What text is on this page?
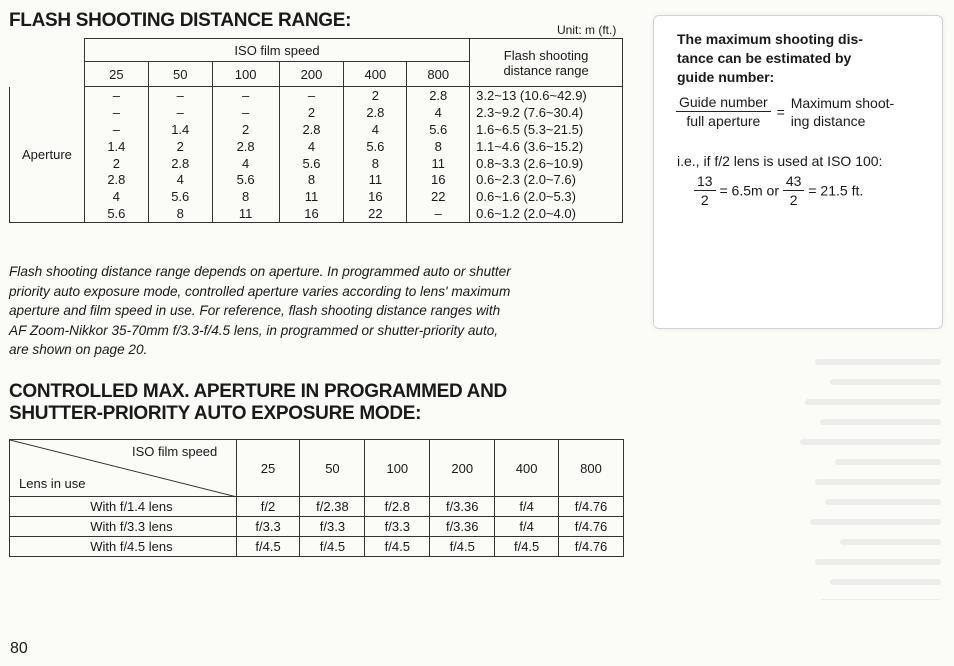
FLASH SHOOTING DISTANCE RANGE:	Unit: m (ft.)
	ISO film speed						Flash shooting
distance range
	25	50	100	200	400	800	
Aperture	–	–	–	–	2	2.8	3.2~13 (10.6~42.9)
	–	–	–	2	2.8	4	2.3~9.2 (7.6~30.4)
	–	1.4	2	2.8	4	5.6	1.6~6.5 (5.3~21.5)
	1.4	2	2.8	4	5.6	8	1.1~4.6 (3.6~15.2)
	2	2.8	4	5.6	8	11	0.8~3.3 (2.6~10.9)
	2.8	4	5.6	8	11	16	0.6~2.3 (2.0~7.6)
	4	5.6	8	11	16	22	0.6~1.6 (2.0~5.3)
	5.6	8	11	16	22	–	0.6~1.2 (2.0~4.0)
Flash shooting distance range depends on aperture. In programmed auto or shutter
priority auto exposure mode, controlled aperture varies according to lens' maximum
aperture and film speed in use. For reference, flash shooting distance ranges with
AF Zoom-Nikkor 35-70mm f/3.3-f/4.5 lens, in programmed or shutter-priority auto,
are shown on page 20.
CONTROLLED MAX. APERTURE IN PROGRAMMED AND
SHUTTER-PRIORITY AUTO EXPOSURE MODE:
ISO film speed
Lens in use	25	50	100	200	400	800
With f/1.4 lens	f/2	f/2.38	f/2.8	f/3.36	f/4	f/4.76
With f/3.3 lens	f/3.3	f/3.3	f/3.3	f/3.36	f/4	f/4.76
With f/4.5 lens	f/4.5	f/4.5	f/4.5	f/4.5	f/4.5	f/4.76
The maximum shooting dis-
tance can be estimated by
guide number:
$\frac{\text{Guide number}}{\text{full aperture}}$ =
Maximum shoot-
ing distance
i.e., if f/2 lens is used at ISO 100:
$\frac{13}{2} = 6.5m$ or $\frac{43}{2} = 21.5$ ft.

80
